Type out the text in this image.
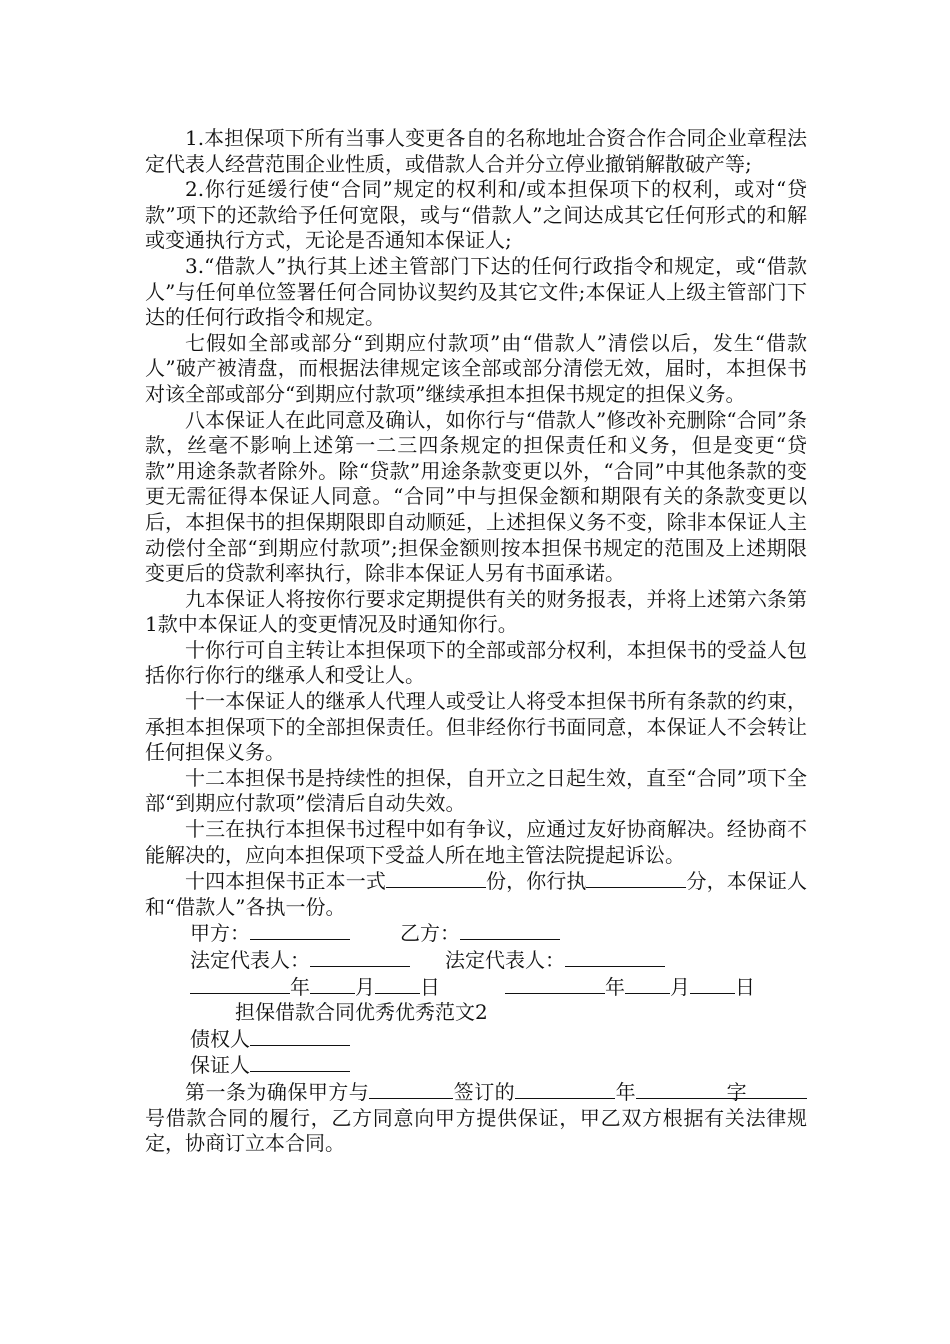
1.本担保项下所有当事人变更各自的名称地址合资合作合同企业章程法定代表人经营范围企业性质，或借款人合并分立停业撤销解散破产等;

2.你行延缓行使“合同”规定的权利和/或本担保项下的权利，或对“贷款”项下的还款给予任何宽限，或与“借款人”之间达成其它任何形式的和解或变通执行方式，无论是否通知本保证人;

3.“借款人”执行其上述主管部门下达的任何行政指令和规定，或“借款人”与任何单位签署任何合同协议契约及其它文件;本保证人上级主管部门下达的任何行政指令和规定。

七假如全部或部分“到期应付款项”由“借款人”清偿以后，发生“借款人”破产被清盘，而根据法律规定该全部或部分清偿无效，届时，本担保书对该全部或部分“到期应付款项”继续承担本担保书规定的担保义务。

八本保证人在此同意及确认，如你行与“借款人”修改补充删除“合同”条款，丝毫不影响上述第一二三四条规定的担保责任和义务，但是变更“贷款”用途条款者除外。除“贷款”用途条款变更以外，“合同”中其他条款的变更无需征得本保证人同意。“合同”中与担保金额和期限有关的条款变更以后，本担保书的担保期限即自动顺延，上述担保义务不变，除非本保证人主动偿付全部“到期应付款项”;担保金额则按本担保书规定的范围及上述期限变更后的贷款利率执行，除非本保证人另有书面承诺。

九本保证人将按你行要求定期提供有关的财务报表，并将上述第六条第1款中本保证人的变更情况及时通知你行。

十你行可自主转让本担保项下的全部或部分权利，本担保书的受益人包括你行你行的继承人和受让人。

十一本保证人的继承人代理人或受让人将受本担保书所有条款的约束，承担本担保项下的全部担保责任。但非经你行书面同意，本保证人不会转让任何担保义务。

十二本担保书是持续性的担保，自开立之日起生效，直至“合同”项下全部“到期应付款项”偿清后自动失效。

十三在执行本担保书过程中如有争议，应通过友好协商解决。经协商不能解决的，应向本担保项下受益人所在地主管法院提起诉讼。

十四本担保书正本一式	份，你行执	分，本保证人和“借款人”各执一份。

甲方：	乙方：
法定代表人：	法定代表人：
年 月 日	年 月 日
担保借款合同优秀优秀范文2
债权人
保证人

第一条为确保甲方与	签订的	年	字号借款合同的履行，乙方同意向甲方提供保证，甲乙双方根据有关法律规定，协商订立本合同。
